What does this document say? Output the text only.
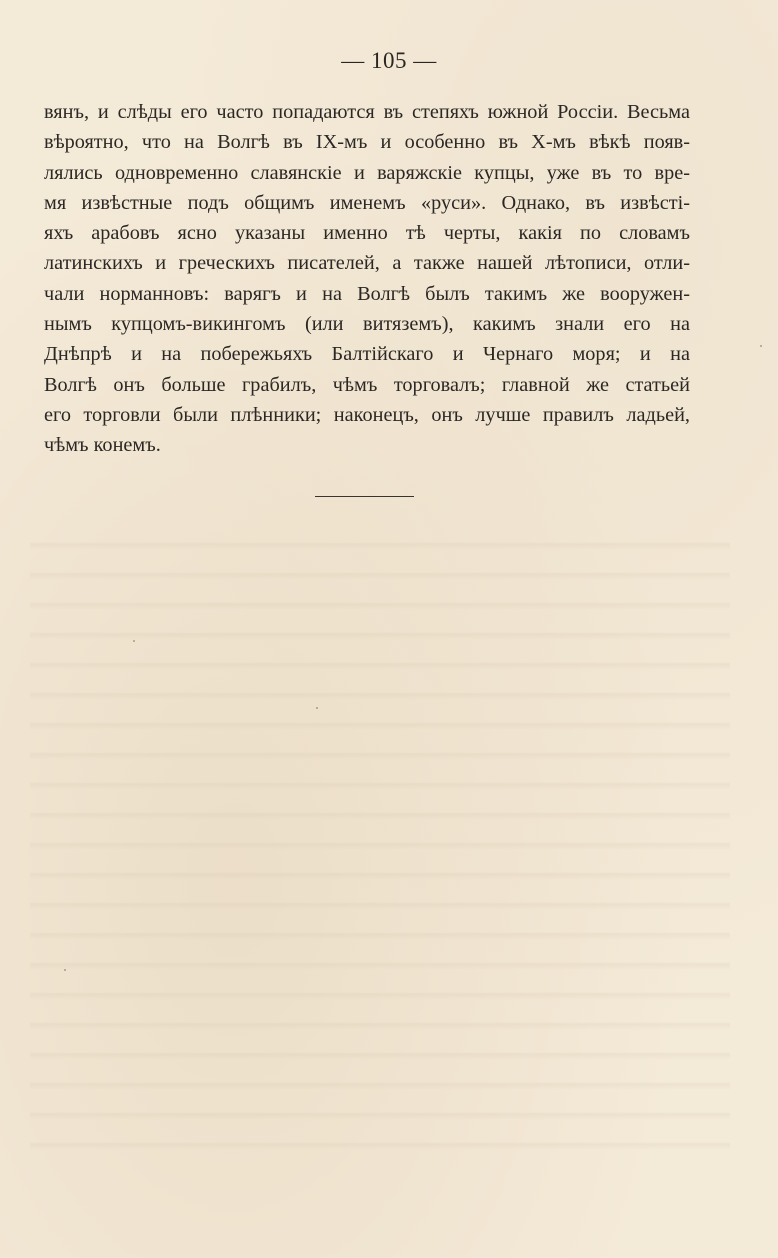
— 105 —
вянъ, и слѣды его часто попадаются въ степяхъ южной Россіи. Весьма
вѣроятно, что на Волгѣ въ IX-мъ и особенно въ X-мъ вѣкѣ появ-
лялись одновременно славянскіе и варяжскіе купцы, уже въ то вре-
мя извѣстные подъ общимъ именемъ «руси». Однако, въ извѣсті-
яхъ арабовъ ясно указаны именно тѣ черты, какія по словамъ
латинскихъ и греческихъ писателей, а также нашей лѣтописи, отли-
чали норманновъ: варягъ и на Волгѣ былъ такимъ же вооружен-
нымъ купцомъ-викингомъ (или витяземъ), какимъ знали его на
Днѣпрѣ и на побережьяхъ Балтійскаго и Чернаго моря; и на
Волгѣ онъ больше грабилъ, чѣмъ торговалъ; главной же статьей
его торговли были плѣнники; наконецъ, онъ лучше правилъ ладьей,
чѣмъ конемъ.
